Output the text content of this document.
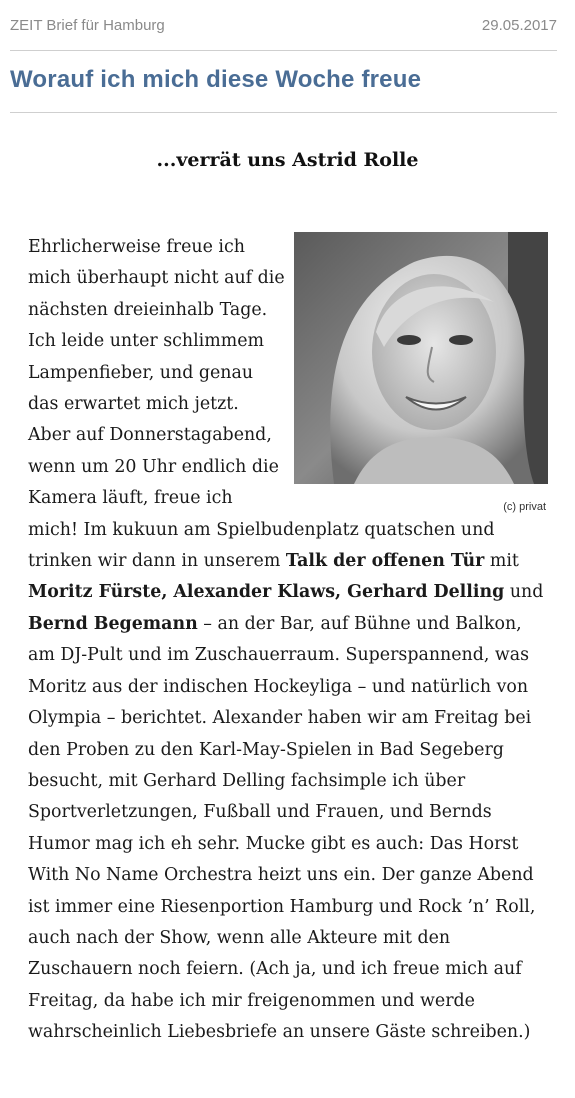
ZEIT Brief für Hamburg	29.05.2017
Worauf ich mich diese Woche freue
...verrät uns Astrid Rolle
(c) privat
Ehrlicherweise freue ich mich überhaupt nicht auf die nächsten dreieinhalb Tage. Ich leide unter schlimmem Lampenfieber, und genau das erwartet mich jetzt. Aber auf Donnerstagabend, wenn um 20 Uhr endlich die Kamera läuft, freue ich mich! Im kukuun am Spielbudenplatz quatschen und trinken wir dann in unserem Talk der offenen Tür mit Moritz Fürste, Alexander Klaws, Gerhard Delling und Bernd Begemann – an der Bar, auf Bühne und Balkon, am DJ-Pult und im Zuschauerraum. Superspannend, was Moritz aus der indischen Hockeyliga – und natürlich von Olympia – berichtet. Alexander haben wir am Freitag bei den Proben zu den Karl-May-Spielen in Bad Segeberg besucht, mit Gerhard Delling fachsimple ich über Sportverletzungen, Fußball und Frauen, und Bernds Humor mag ich eh sehr. Mucke gibt es auch: Das Horst With No Name Orchestra heizt uns ein. Der ganze Abend ist immer eine Riesenportion Hamburg und Rock ’n’ Roll, auch nach der Show, wenn alle Akteure mit den Zuschauern noch feiern. (Ach ja, und ich freue mich auf Freitag, da habe ich mir freigenommen und werde wahrscheinlich Liebesbriefe an unsere Gäste schreiben.)
